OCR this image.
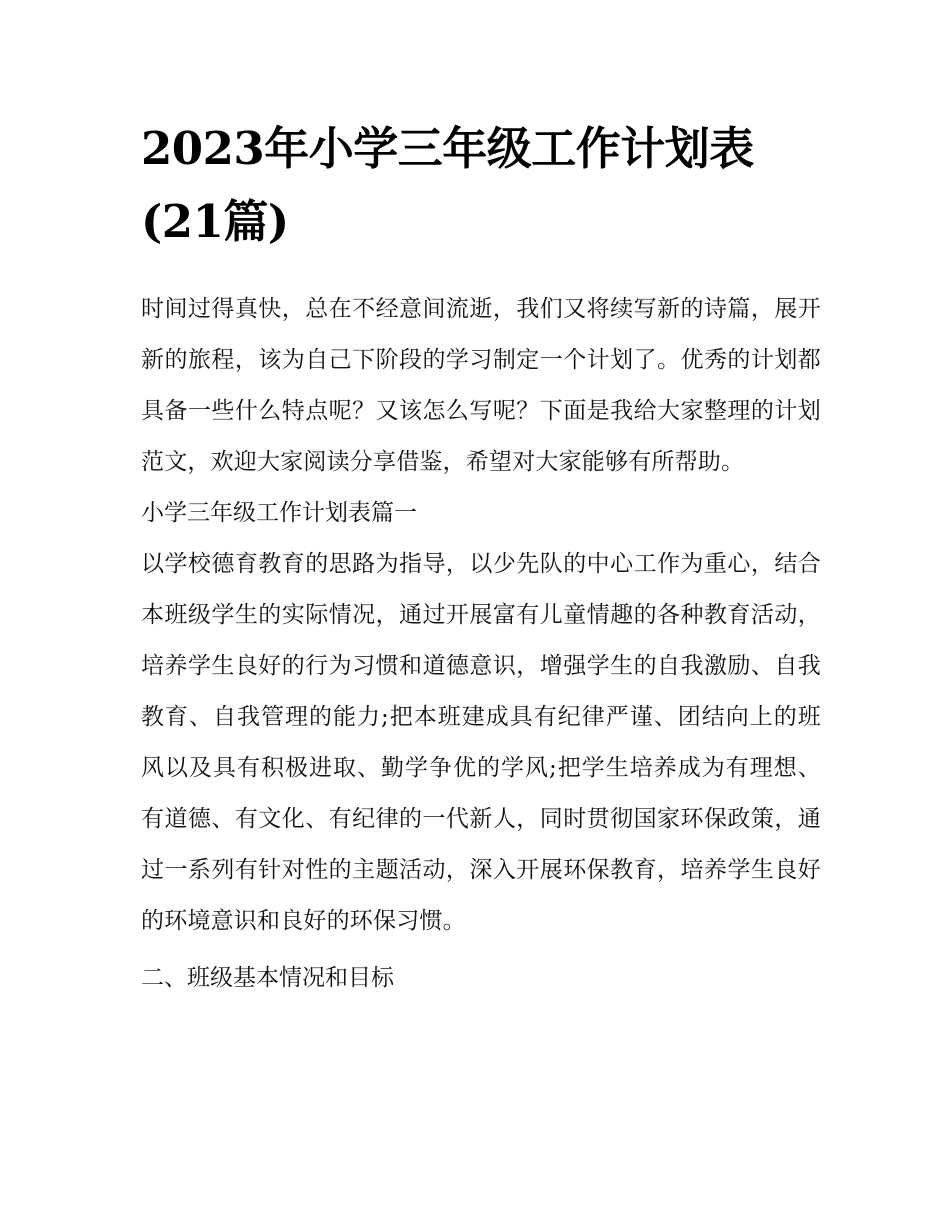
2023年小学三年级工作计划表
(21篇)

时间过得真快，总在不经意间流逝，我们又将续写新的诗篇，展开新的旅程，该为自己下阶段的学习制定一个计划了。优秀的计划都具备一些什么特点呢？又该怎么写呢？下面是我给大家整理的计划范文，欢迎大家阅读分享借鉴，希望对大家能够有所帮助。

小学三年级工作计划表篇一

以学校德育教育的思路为指导，以少先队的中心工作为重心，结合本班级学生的实际情况，通过开展富有儿童情趣的各种教育活动，培养学生良好的行为习惯和道德意识，增强学生的自我激励、自我教育、自我管理的能力;把本班建成具有纪律严谨、团结向上的班风以及具有积极进取、勤学争优的学风;把学生培养成为有理想、有道德、有文化、有纪律的一代新人，同时贯彻国家环保政策，通过一系列有针对性的主题活动，深入开展环保教育，培养学生良好的环境意识和良好的环保习惯。

二、班级基本情况和目标
